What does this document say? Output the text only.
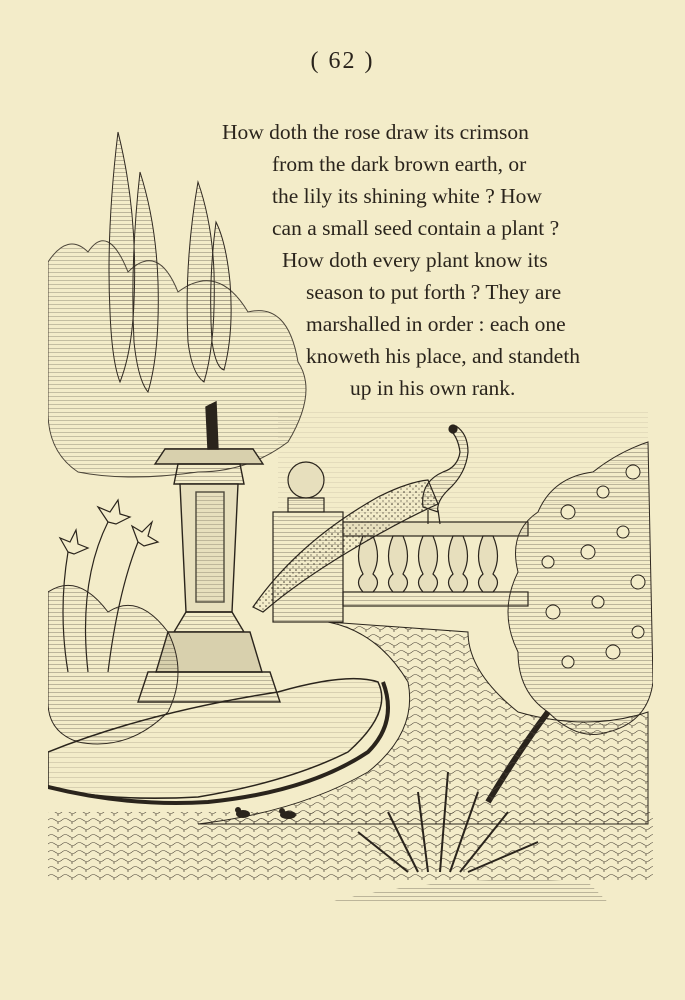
( 62 )
How doth the rose draw its crimson
from the dark brown earth, or
the lily its shining white ? How
can a small seed contain a plant ?
How doth every plant know its
season to put forth ? They are
marshalled in order : each one
knoweth his place, and standeth
up in his own rank.
